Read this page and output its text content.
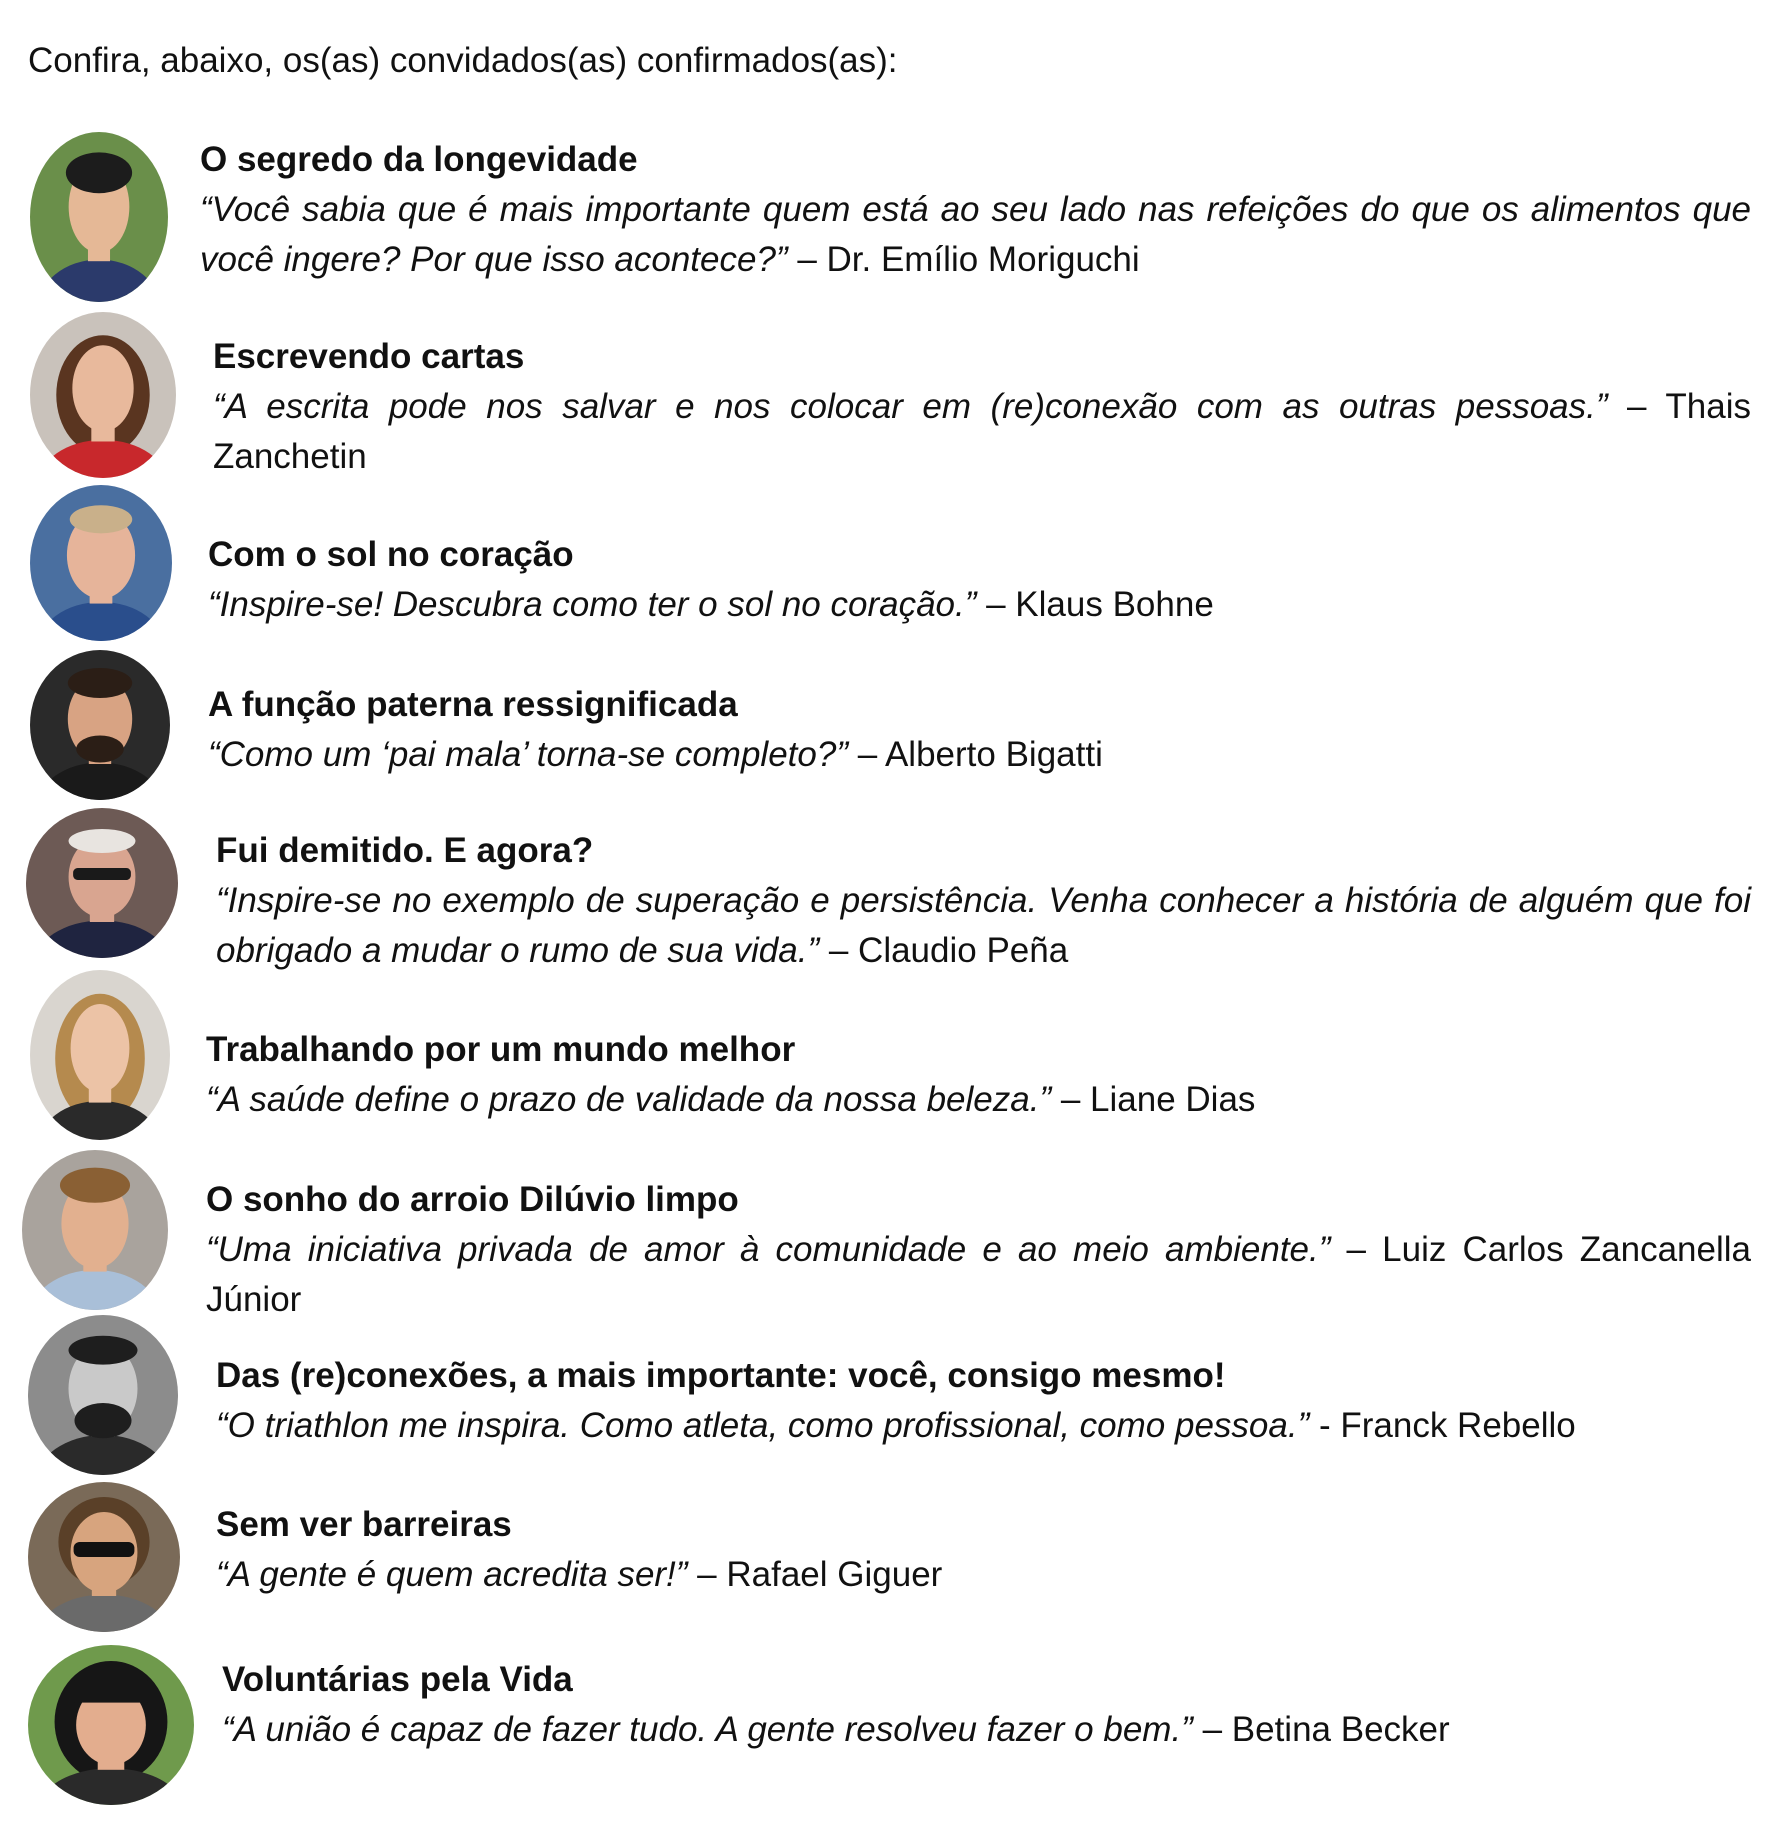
Confira, abaixo, os(as) convidados(as) confirmados(as):

O segredo da longevidade

“Você sabia que é mais importante quem está ao seu lado nas refeições do que os alimentos que você ingere? Por que isso acontece?” – Dr. Emílio Moriguchi

Escrevendo cartas

“A escrita pode nos salvar e nos colocar em (re)conexão com as outras pessoas.” – Thais Zanchetin

Com o sol no coração

“Inspire-se! Descubra como ter o sol no coração.” – Klaus Bohne

A função paterna ressignificada

“Como um ‘pai mala’ torna-se completo?” – Alberto Bigatti

Fui demitido. E agora?

“Inspire-se no exemplo de superação e persistência. Venha conhecer a história de alguém que foi obrigado a mudar o rumo de sua vida.” – Claudio Peña

Trabalhando por um mundo melhor

“A saúde define o prazo de validade da nossa beleza.” – Liane Dias

O sonho do arroio Dilúvio limpo

“Uma iniciativa privada de amor à comunidade e ao meio ambiente.” – Luiz Carlos Zancanella Júnior

Das (re)conexões, a mais importante: você, consigo mesmo!

“O triathlon me inspira. Como atleta, como profissional, como pessoa.” - Franck Rebello

Sem ver barreiras

“A gente é quem acredita ser!” – Rafael Giguer

Voluntárias pela Vida

“A união é capaz de fazer tudo. A gente resolveu fazer o bem.” – Betina Becker
